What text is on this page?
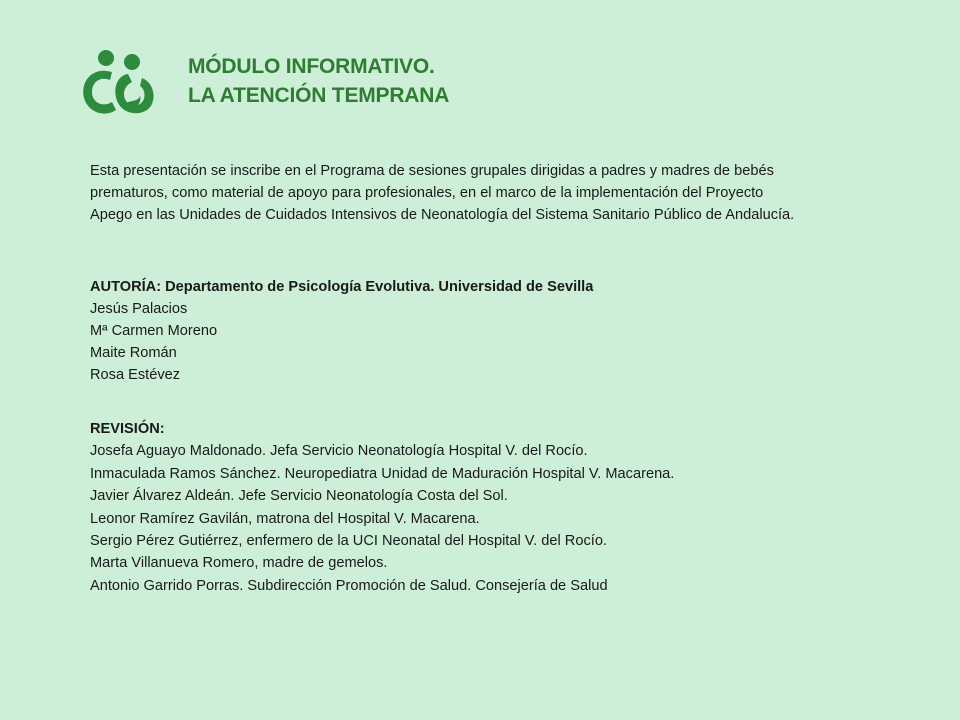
MÓDULO INFORMATIVO.
LA ATENCIÓN TEMPRANA
Esta presentación se inscribe en el Programa de sesiones grupales dirigidas a padres y madres de bebés
prematuros, como material de apoyo para profesionales, en el marco de la implementación del Proyecto
Apego en las Unidades de Cuidados Intensivos de Neonatología del Sistema Sanitario Público de Andalucía.
AUTORÍA: Departamento de Psicología Evolutiva. Universidad de Sevilla
Jesús Palacios
Mª Carmen Moreno
Maite Román
Rosa Estévez
REVISIÓN:
Josefa Aguayo Maldonado. Jefa Servicio Neonatología Hospital V. del Rocío.
Inmaculada Ramos Sánchez. Neuropediatra Unidad de Maduración Hospital V. Macarena.
Javier Álvarez Aldeán. Jefe Servicio Neonatología Costa del Sol.
Leonor Ramírez Gavilán, matrona del Hospital V. Macarena.
Sergio Pérez Gutiérrez, enfermero de la UCI Neonatal del Hospital V. del Rocío.
Marta Villanueva Romero, madre de gemelos.
Antonio Garrido Porras. Subdirección Promoción de Salud. Consejería de Salud
